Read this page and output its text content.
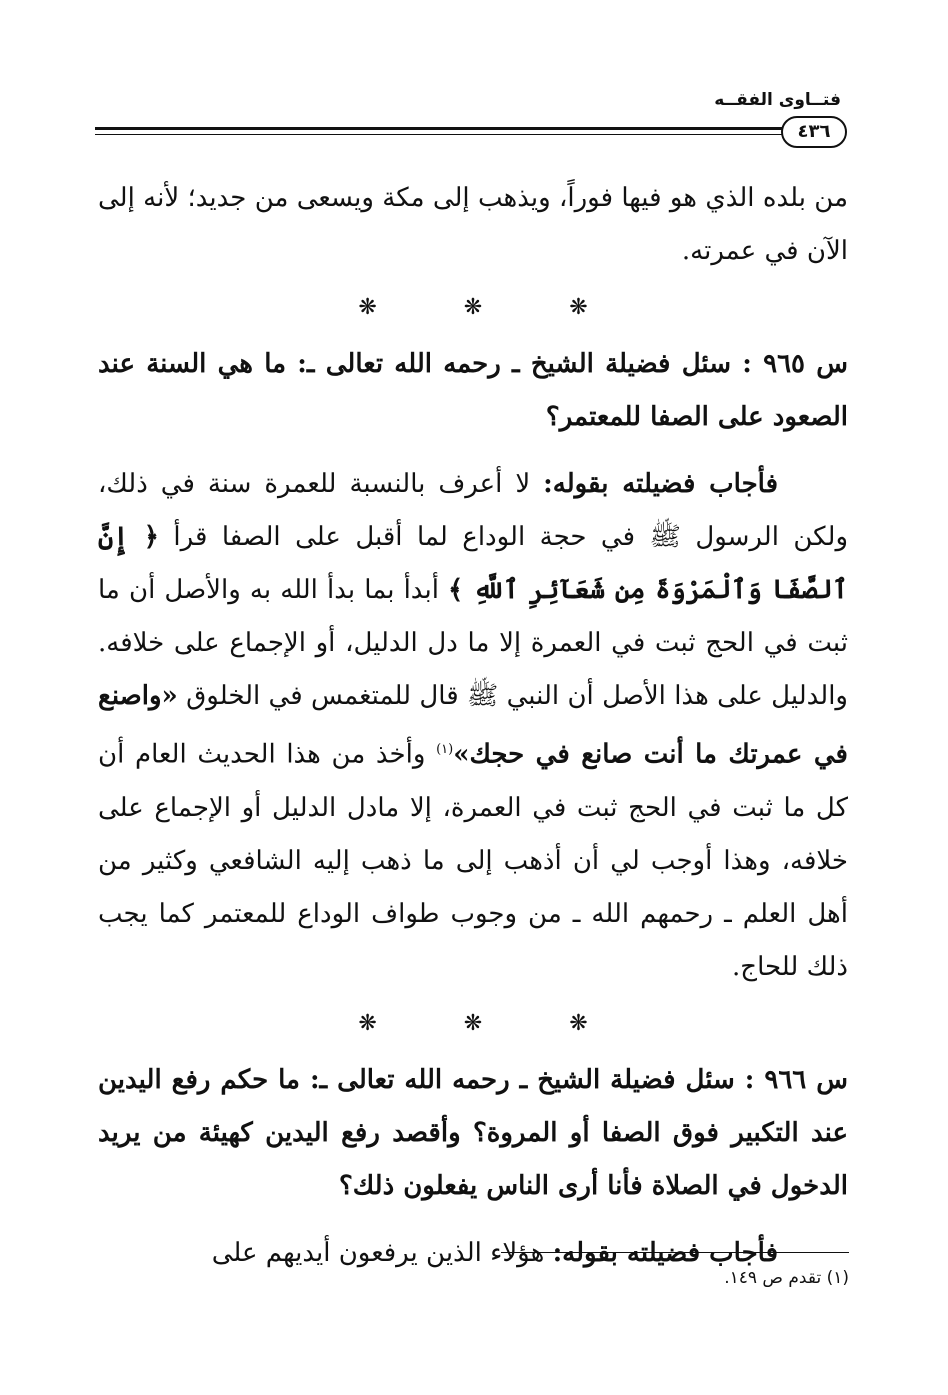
فتــاوى الفقــه
٤٣٦

من بلده الذي هو فيها فوراً، ويذهب إلى مكة ويسعى من جديد؛ لأنه إلى الآن في عمرته.

❋ ❋ ❋

س ٩٦٥ : سئل فضيلة الشيخ ـ رحمه الله تعالى ـ: ما هي السنة عند الصعود على الصفا للمعتمر؟

فأجاب فضيلته بقوله: لا أعرف بالنسبة للعمرة سنة في ذلك، ولكن الرسول ﷺ في حجة الوداع لما أقبل على الصفا قرأ ﴿ إِنَّ ٱلصَّفَا وَٱلْمَرْوَةَ مِن شَعَآئِرِ ٱللَّهِ ﴾ أبدأ بما بدأ الله به والأصل أن ما ثبت في الحج ثبت في العمرة إلا ما دل الدليل، أو الإجماع على خلافه. والدليل على هذا الأصل أن النبي ﷺ قال للمتغمس في الخلوق «واصنع في عمرتك ما أنت صانع في حجك»$^{(١)}$ وأخذ من هذا الحديث العام أن كل ما ثبت في الحج ثبت في العمرة، إلا مادل الدليل أو الإجماع على خلافه، وهذا أوجب لي أن أذهب إلى ما ذهب إليه الشافعي وكثير من أهل العلم ـ رحمهم الله ـ من وجوب طواف الوداع للمعتمر كما يجب ذلك للحاج.

❋ ❋ ❋

س ٩٦٦ : سئل فضيلة الشيخ ـ رحمه الله تعالى ـ: ما حكم رفع اليدين عند التكبير فوق الصفا أو المروة؟ وأقصد رفع اليدين كهيئة من يريد الدخول في الصلاة فأنا أرى الناس يفعلون ذلك؟

فأجاب فضيلته بقوله: هؤلاء الذين يرفعون أيديهم على

(١) تقدم ص ١٤٩.
